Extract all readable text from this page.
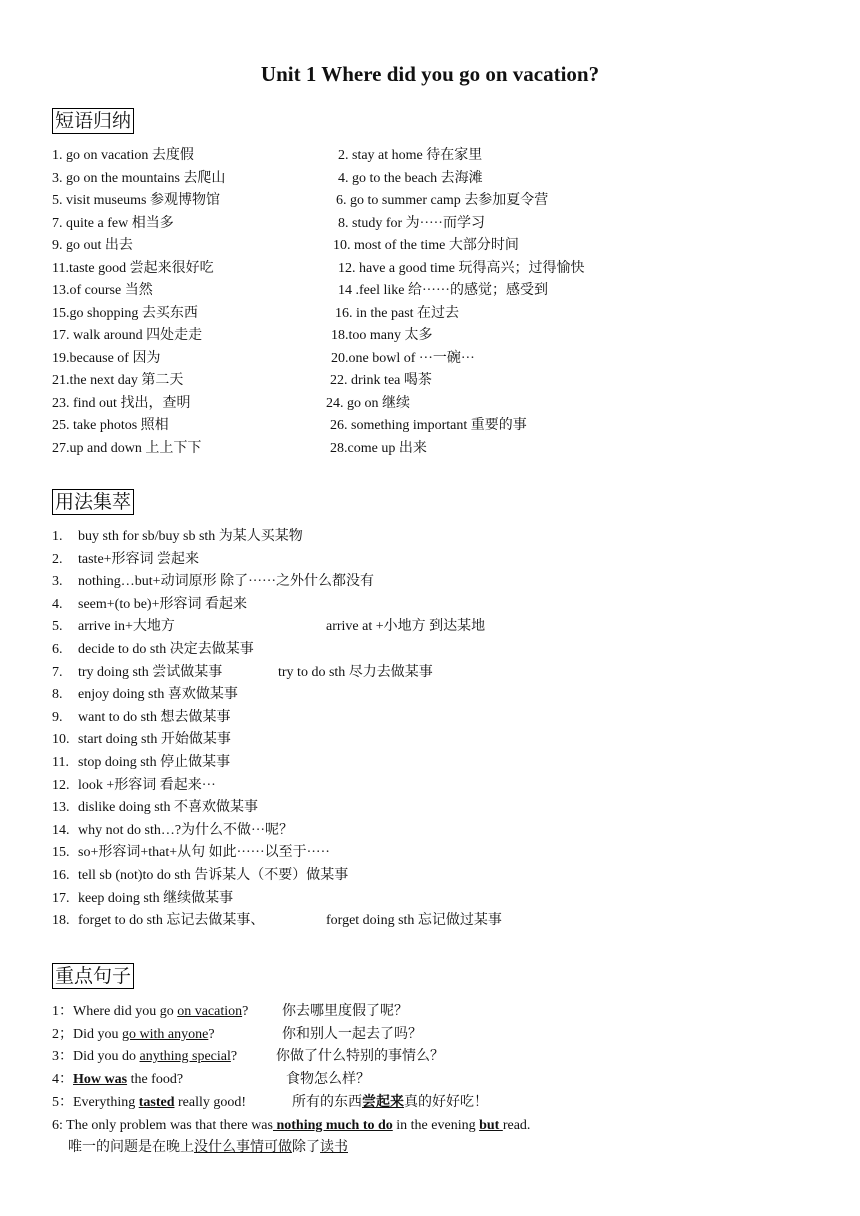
Unit 1 Where did you go on vacation?
短语归纳
1. go on vacation 去度假	2. stay at home 待在家里
3. go on the mountains 去爬山	4. go to the beach 去海滩
5. visit museums 参观博物馆	6. go to summer camp 去参加夏令营
7. quite a few 相当多	8. study for 为·····而学习
9. go out 出去	10. most of the time 大部分时间
11.taste good 尝起来很好吃	12. have a good time 玩得高兴；过得愉快
13.of course 当然	14 .feel like 给······的感觉；感受到
15.go shopping 去买东西	16. in the past 在过去
17. walk around 四处走走	18.too many 太多
19.because of 因为	20.one bowl of ···一碗···
21.the next day 第二天	22. drink tea 喝茶
23. find out 找出，查明	24. go on 继续
25. take photos 照相	26. something important 重要的事
27.up and down 上上下下	28.come up 出来
用法集萃
1. buy sth for sb/buy sb sth 为某人买某物
2. taste+形容词 尝起来
3. nothing…but+动词原形 除了······之外什么都没有
4. seem+(to be)+形容词 看起来
5. arrive in+大地方	arrive at +小地方 到达某地
6. decide to do sth 决定去做某事
7. try doing sth 尝试做某事	try to do sth 尽力去做某事
8. enjoy doing sth 喜欢做某事
9. want to do sth 想去做某事
10. start doing sth 开始做某事
11. stop doing sth 停止做某事
12. look +形容词 看起来···
13. dislike doing sth 不喜欢做某事
14. why not do sth…?为什么不做···呢？
15. so+形容词+that+从句 如此······以至于·····
16. tell sb (not)to do sth 告诉某人（不要）做某事
17. keep doing sth 继续做某事
18. forget to do sth 忘记去做某事、	forget doing sth 忘记做过某事
重点句子
1：Where did you go on vacation? 你去哪里度假了呢？
2；Did you go with anyone?	你和别人一起去了吗？
3：Did you do anything special?	你做了什么特别的事情么？
4：How was the food?	食物怎么样？
5：Everything tasted really good!	所有的东西尝起来真的好好吃！
6: The only problem was that there was nothing much to do in the evening but read.
唯一的问题是在晚上没什么事情可做除了读书
